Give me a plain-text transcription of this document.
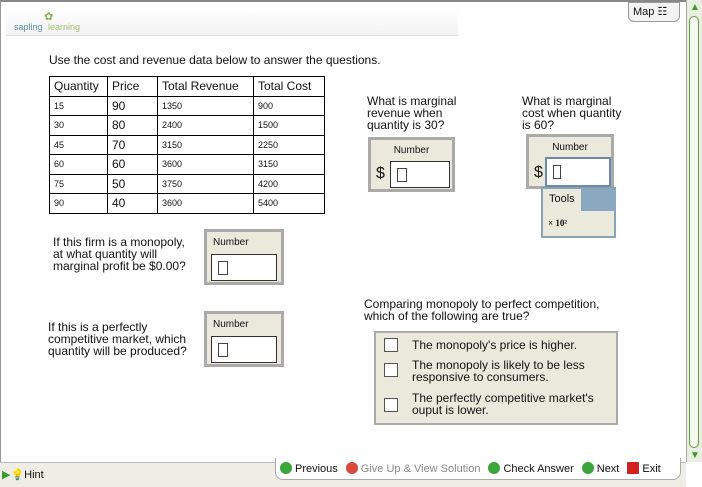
✿
sapling learning
Map ☷
Use the cost and revenue data below to answer the questions.
Quantity	Price	Total Revenue	Total Cost
15	90	1350	900
30	80	2400	1500
45	70	3150	2250
60	60	3600	3150
75	50	3750	4200
90	40	3600	5400
What is marginal revenue when quantity is 30?
Number
$
What is marginal cost when quantity is 60?
Number
$
Tools
× 10²
If this firm is a monopoly, at what quantity will marginal profit be $0.00?
Number
If this is a perfectly competitive market, which quantity will be produced?
Number
Comparing monopoly to perfect competition, which of the following are true?
The monopoly's price is higher.
The monopoly is likely to be less responsive to consumers.
The perfectly competitive market's ouput is lower.
▲
▼
▶💡Hint	Previous	Give Up & View Solution	Check Answer	Next	Exit
